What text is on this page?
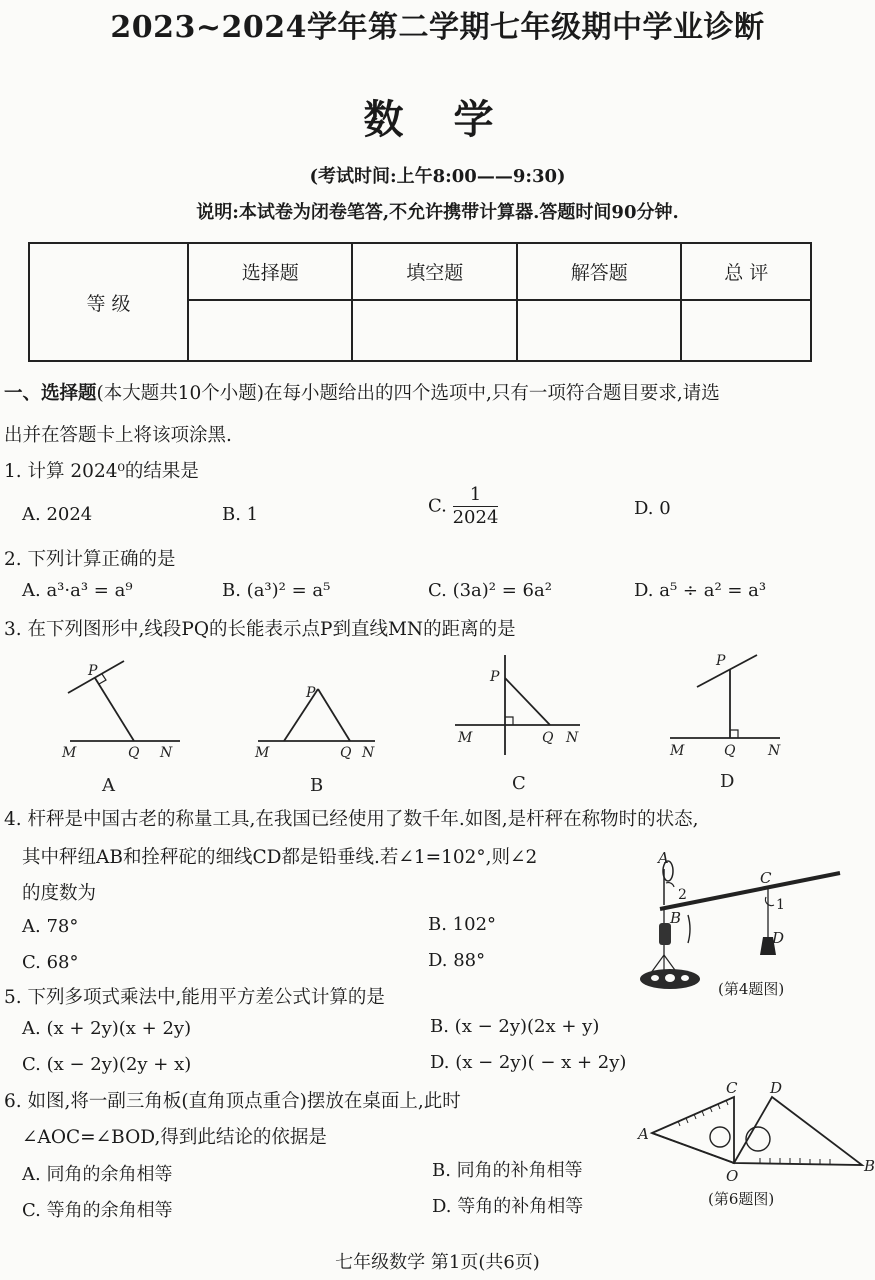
2023~2024学年第二学期七年级期中学业诊断
数 学
(考试时间:上午8:00——9:30)
说明:本试卷为闭卷笔答,不允许携带计算器.答题时间90分钟.
等 级	选择题	填空题	解答题	总 评

一、选择题(本大题共10个小题)在每小题给出的四个选项中,只有一项符合题目要求,请选
出并在答题卡上将该项涂黑.
1. 计算 2024⁰的结果是
A. 2024	B. 1	C. $\frac{1}{2024}$	D. 0
2. 下列计算正确的是
A. a³·a³ = a⁹	B. (a³)² = a⁵	C. (3a)² = 6a²	D. a⁵ ÷ a² = a³
3. 在下列图形中,线段PQ的长能表示点P到直线MN的距离的是
P
M	Q N
P
M	Q N
P
M	Q N
P
M	Q N
A	B	C	D
4. 杆秤是中国古老的称量工具,在我国已经使用了数千年.如图,是杆秤在称物时的状态,
其中秤纽AB和拴秤砣的细线CD都是铅垂线.若∠1=102°,则∠2
的度数为
A. 78°	B. 102°
C. 68°	D. 88°
A
B
C
D
1
2
(第4题图)
5. 下列多项式乘法中,能用平方差公式计算的是
A. (x + 2y)(x + 2y)	B. (x − 2y)(2x + y)
C. (x − 2y)(2y + x)	D. (x − 2y)( − x + 2y)
6. 如图,将一副三角板(直角顶点重合)摆放在桌面上,此时
∠AOC=∠BOD,得到此结论的依据是
A. 同角的余角相等	B. 同角的补角相等
C. 等角的余角相等	D. 等角的补角相等
A
B
C D
O
(第6题图)
七年级数学 第1页(共6页)
